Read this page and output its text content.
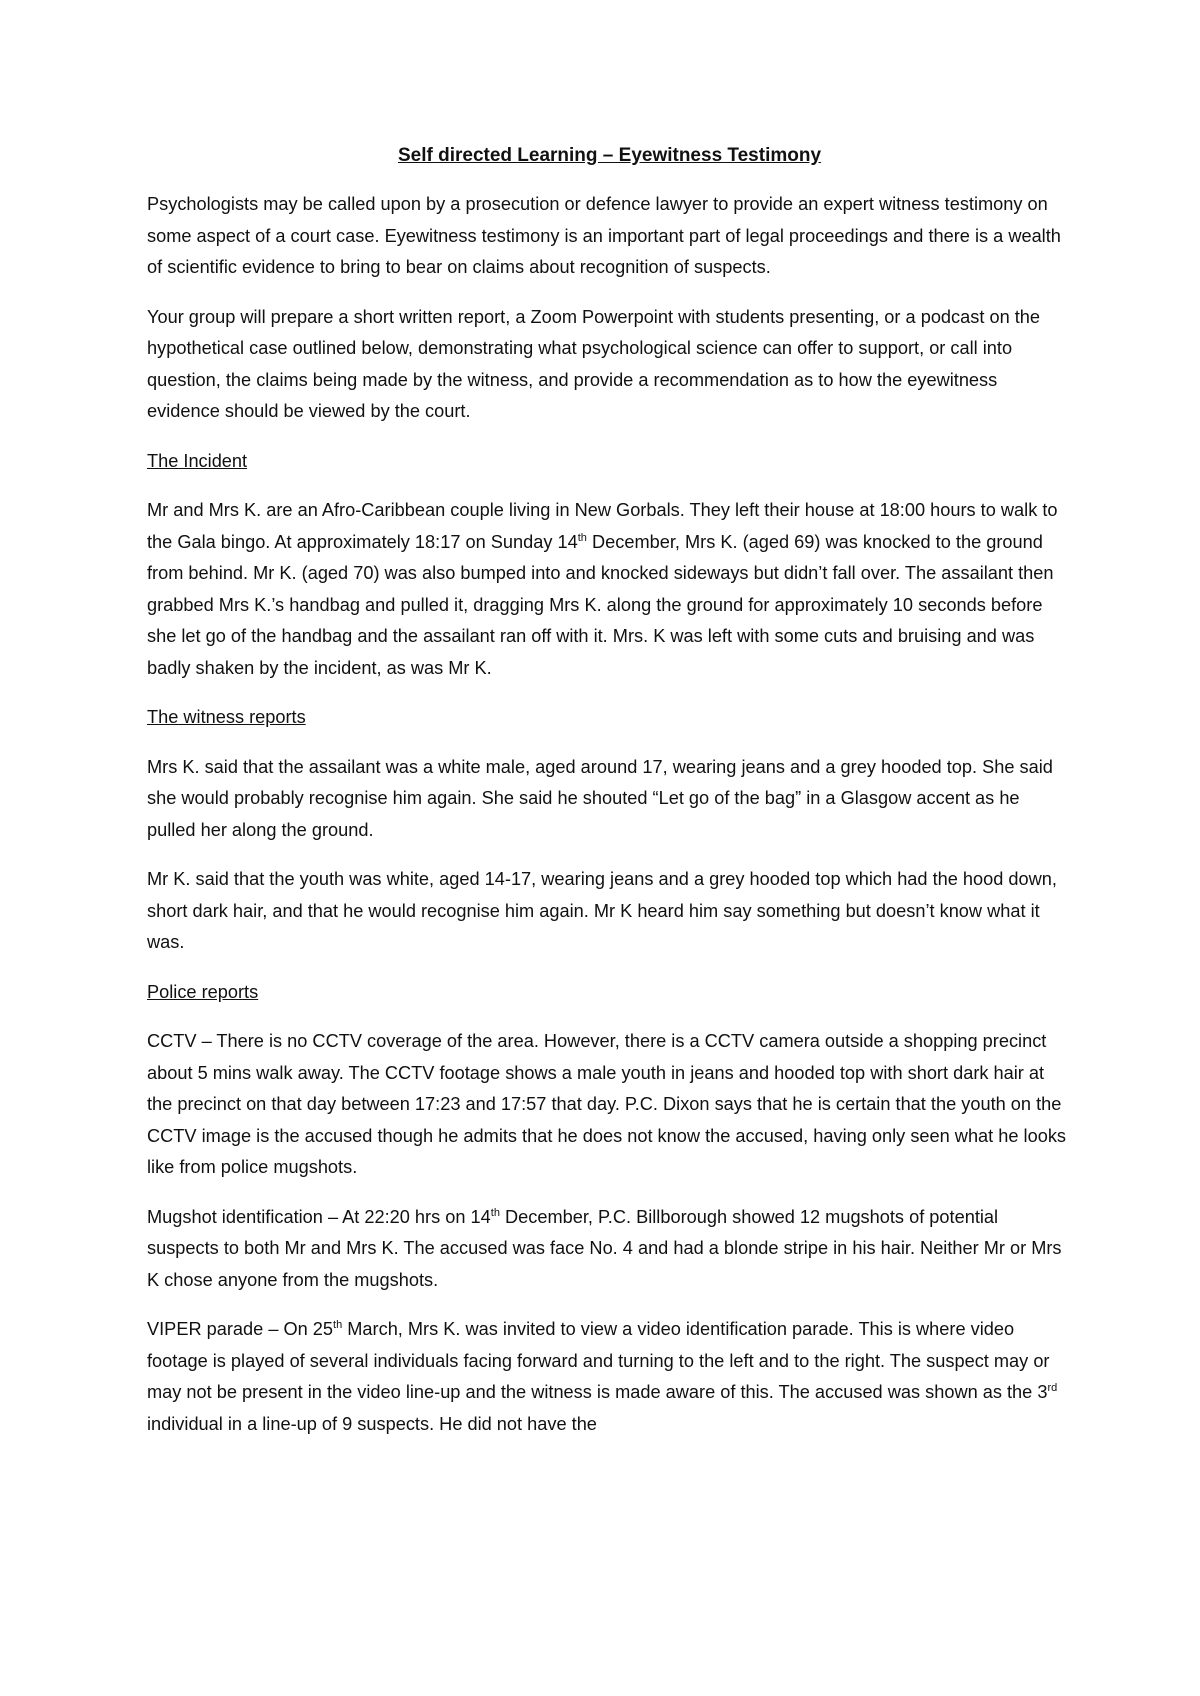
Self directed Learning – Eyewitness Testimony

Psychologists may be called upon by a prosecution or defence lawyer to provide an expert witness testimony on some aspect of a court case. Eyewitness testimony is an important part of legal proceedings and there is a wealth of scientific evidence to bring to bear on claims about recognition of suspects.

Your group will prepare a short written report, a Zoom Powerpoint with students presenting, or a podcast on the hypothetical case outlined below, demonstrating what psychological science can offer to support, or call into question, the claims being made by the witness, and provide a recommendation as to how the eyewitness evidence should be viewed by the court.

The Incident

Mr and Mrs K. are an Afro-Caribbean couple living in New Gorbals. They left their house at 18:00 hours to walk to the Gala bingo. At approximately 18:17 on Sunday 14th December, Mrs K. (aged 69) was knocked to the ground from behind. Mr K. (aged 70) was also bumped into and knocked sideways but didn’t fall over. The assailant then grabbed Mrs K.’s handbag and pulled it, dragging Mrs K. along the ground for approximately 10 seconds before she let go of the handbag and the assailant ran off with it. Mrs. K was left with some cuts and bruising and was badly shaken by the incident, as was Mr K.

The witness reports

Mrs K. said that the assailant was a white male, aged around 17, wearing jeans and a grey hooded top. She said she would probably recognise him again. She said he shouted “Let go of the bag” in a Glasgow accent as he pulled her along the ground.

Mr K. said that the youth was white, aged 14-17, wearing jeans and a grey hooded top which had the hood down, short dark hair, and that he would recognise him again. Mr K heard him say something but doesn’t know what it was.

Police reports

CCTV – There is no CCTV coverage of the area. However, there is a CCTV camera outside a shopping precinct about 5 mins walk away. The CCTV footage shows a male youth in jeans and hooded top with short dark hair at the precinct on that day between 17:23 and 17:57 that day. P.C. Dixon says that he is certain that the youth on the CCTV image is the accused though he admits that he does not know the accused, having only seen what he looks like from police mugshots.

Mugshot identification – At 22:20 hrs on 14th December, P.C. Billborough showed 12 mugshots of potential suspects to both Mr and Mrs K. The accused was face No. 4 and had a blonde stripe in his hair. Neither Mr or Mrs K chose anyone from the mugshots.

VIPER parade – On 25th March, Mrs K. was invited to view a video identification parade. This is where video footage is played of several individuals facing forward and turning to the left and to the right. The suspect may or may not be present in the video line-up and the witness is made aware of this. The accused was shown as the 3rd individual in a line-up of 9 suspects. He did not have the
